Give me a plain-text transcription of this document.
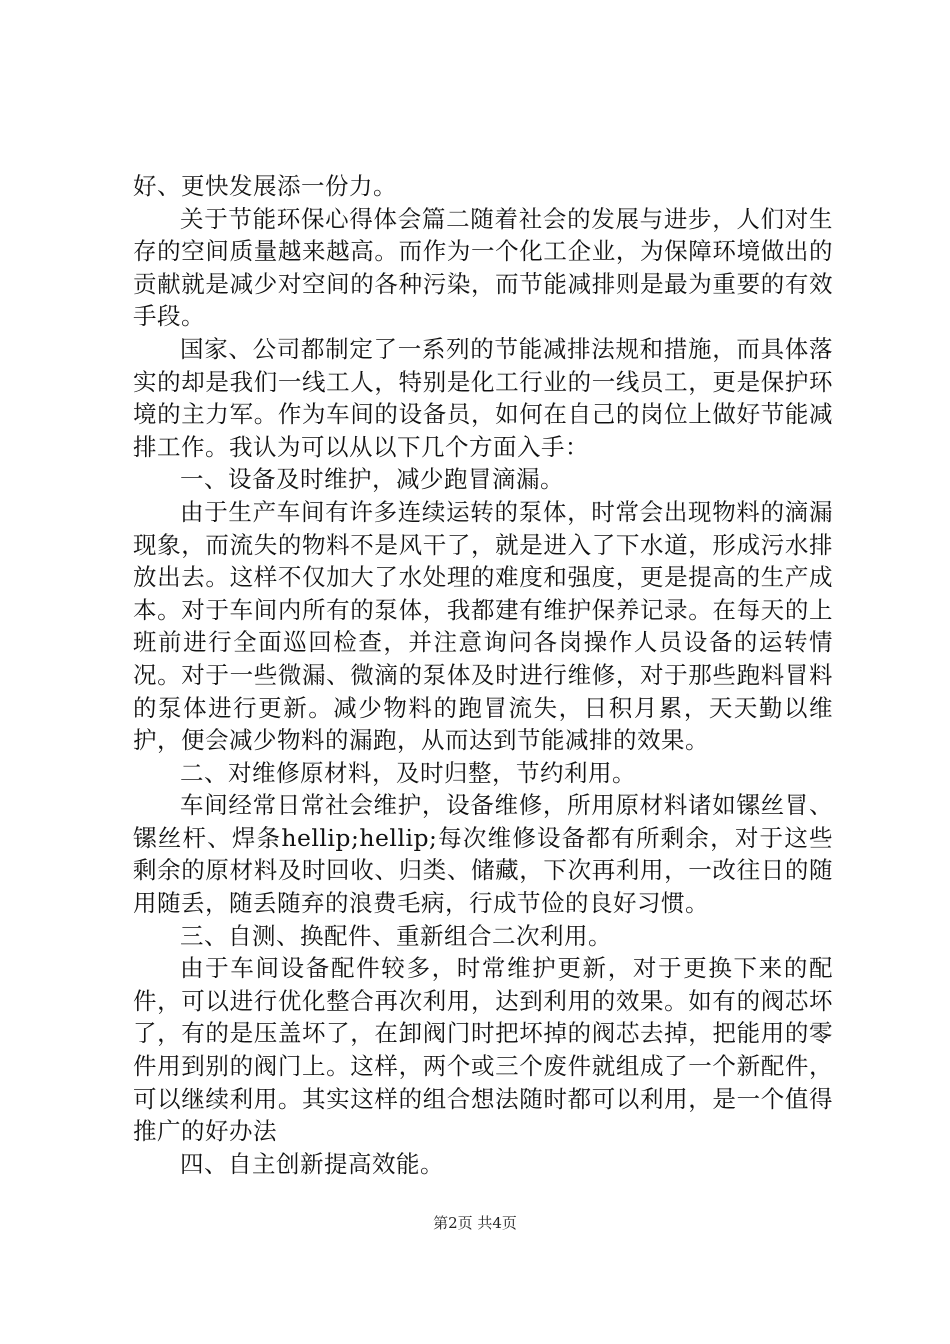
好、更快发展添一份力。

关于节能环保心得体会篇二随着社会的发展与进步，人们对生存的空间质量越来越高。而作为一个化工企业，为保障环境做出的贡献就是减少对空间的各种污染，而节能减排则是最为重要的有效手段。

国家、公司都制定了一系列的节能减排法规和措施，而具体落实的却是我们一线工人，特别是化工行业的一线员工，更是保护环境的主力军。作为车间的设备员，如何在自己的岗位上做好节能减排工作。我认为可以从以下几个方面入手：

一、设备及时维护，减少跑冒滴漏。

由于生产车间有许多连续运转的泵体，时常会出现物料的滴漏现象，而流失的物料不是风干了，就是进入了下水道，形成污水排放出去。这样不仅加大了水处理的难度和强度，更是提高的生产成本。对于车间内所有的泵体，我都建有维护保养记录。在每天的上班前进行全面巡回检查，并注意询问各岗操作人员设备的运转情况。对于一些微漏、微滴的泵体及时进行维修，对于那些跑料冒料的泵体进行更新。减少物料的跑冒流失，日积月累，天天勤以维护，便会减少物料的漏跑，从而达到节能减排的效果。

二、对维修原材料，及时归整，节约利用。

车间经常日常社会维护，设备维修，所用原材料诸如镙丝冒、镙丝杆、焊条hellip;hellip;每次维修设备都有所剩余，对于这些剩余的原材料及时回收、归类、储藏，下次再利用，一改往日的随用随丢，随丢随弃的浪费毛病，行成节俭的良好习惯。

三、自测、换配件、重新组合二次利用。

由于车间设备配件较多，时常维护更新，对于更换下来的配件，可以进行优化整合再次利用，达到利用的效果。如有的阀芯坏了，有的是压盖坏了，在卸阀门时把坏掉的阀芯去掉，把能用的零件用到别的阀门上。这样，两个或三个废件就组成了一个新配件，可以继续利用。其实这样的组合想法随时都可以利用，是一个值得推广的好办法

四、自主创新提高效能。

第2页 共4页
